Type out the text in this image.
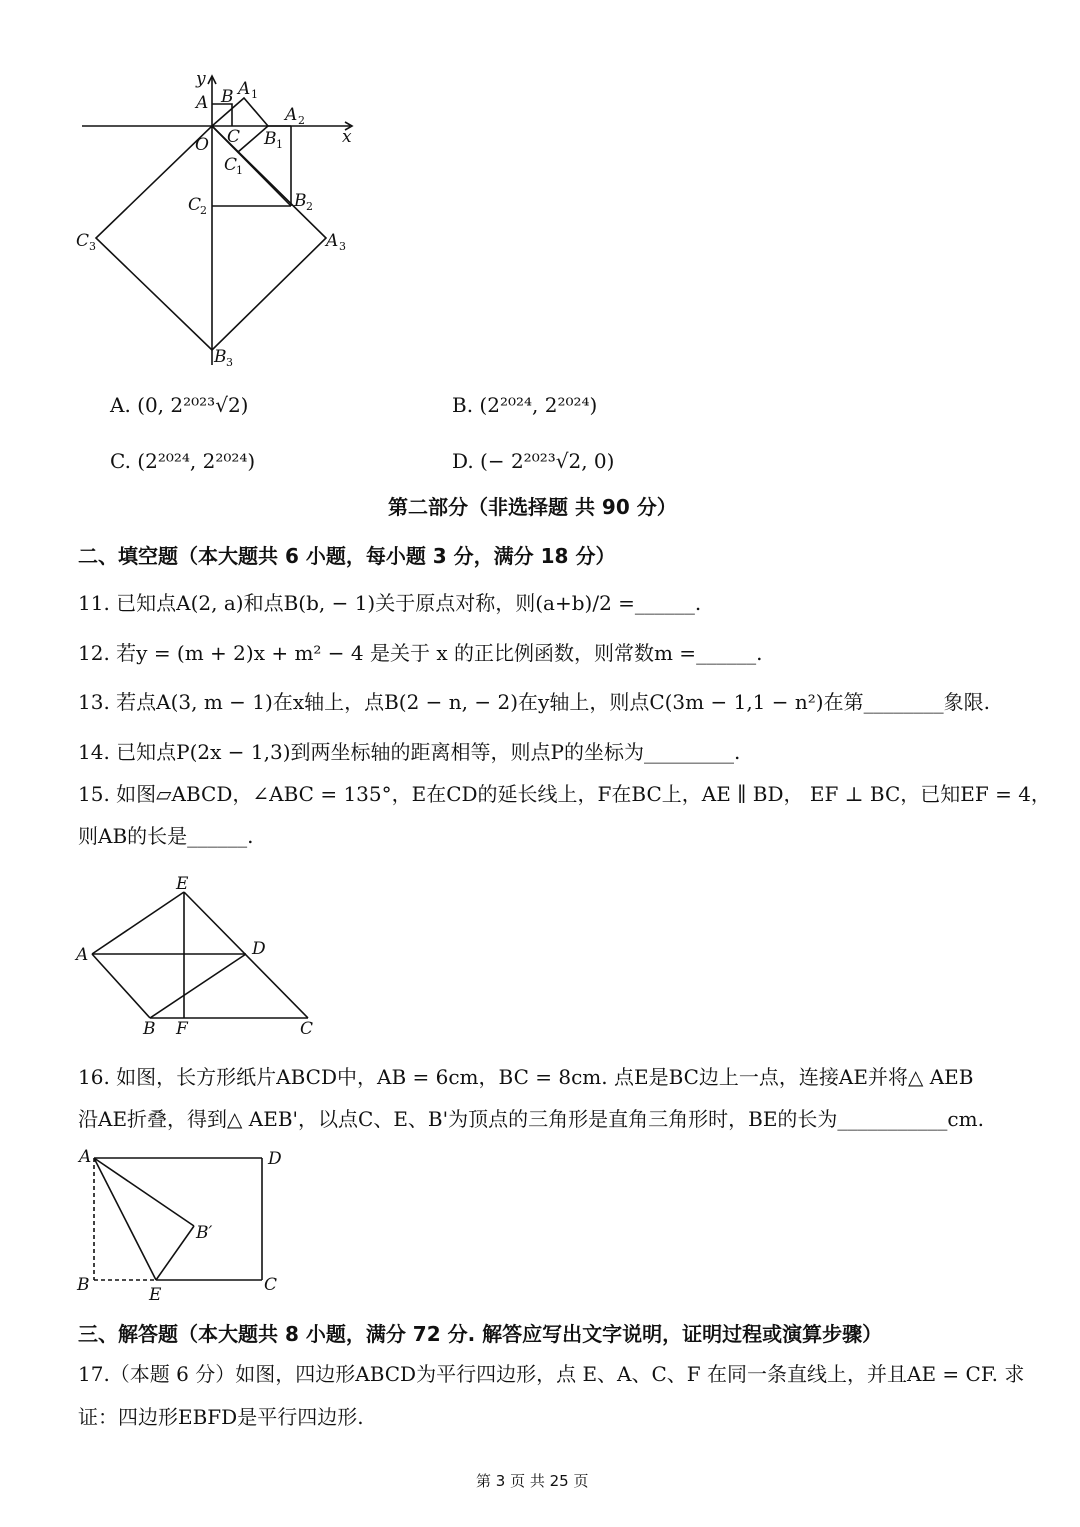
y
x
A B A 1
A 2
C
O	B 1
C
1
C
2	B 2
C 3	A 3
B 3
A. (0, 2²⁰²³√2)	B. (2²⁰²⁴, 2²⁰²⁴)
C. (2²⁰²⁴, 2²⁰²⁴)	D. (− 2²⁰²³√2, 0)
第二部分（非选择题 共 90 分）
二、填空题（本大题共 6 小题，每小题 3 分，满分 18 分）
11. 已知点A(2, a)和点B(b, − 1)关于原点对称，则(a+b)/2 =______.
12. 若y = (m + 2)x + m² − 4 是关于 x 的正比例函数，则常数m =______.
13. 若点A(3, m − 1)在x轴上，点B(2 − n, − 2)在y轴上，则点C(3m − 1,1 − n²)在第________象限.
14. 已知点P(2x − 1,3)到两坐标轴的距离相等，则点P的坐标为_________.
15. 如图▱ABCD，∠ABC = 135°，E在CD的延长线上，F在BC上，AE ∥ BD， EF ⊥ BC，已知EF = 4，
则AB的长是______.
E
A	D
B F	C
16. 如图，长方形纸片ABCD中，AB = 6cm，BC = 8cm. 点E是BC边上一点，连接AE并将△ AEB
沿AE折叠，得到△ AEB'，以点C、E、B'为顶点的三角形是直角三角形时，BE的长为___________cm.
A	D
B′
B	C
E
三、解答题（本大题共 8 小题，满分 72 分. 解答应写出文字说明，证明过程或演算步骤）
17.（本题 6 分）如图，四边形ABCD为平行四边形，点 E、A、C、F 在同一条直线上，并且AE = CF. 求
证：四边形EBFD是平行四边形.
第 3 页 共 25 页
